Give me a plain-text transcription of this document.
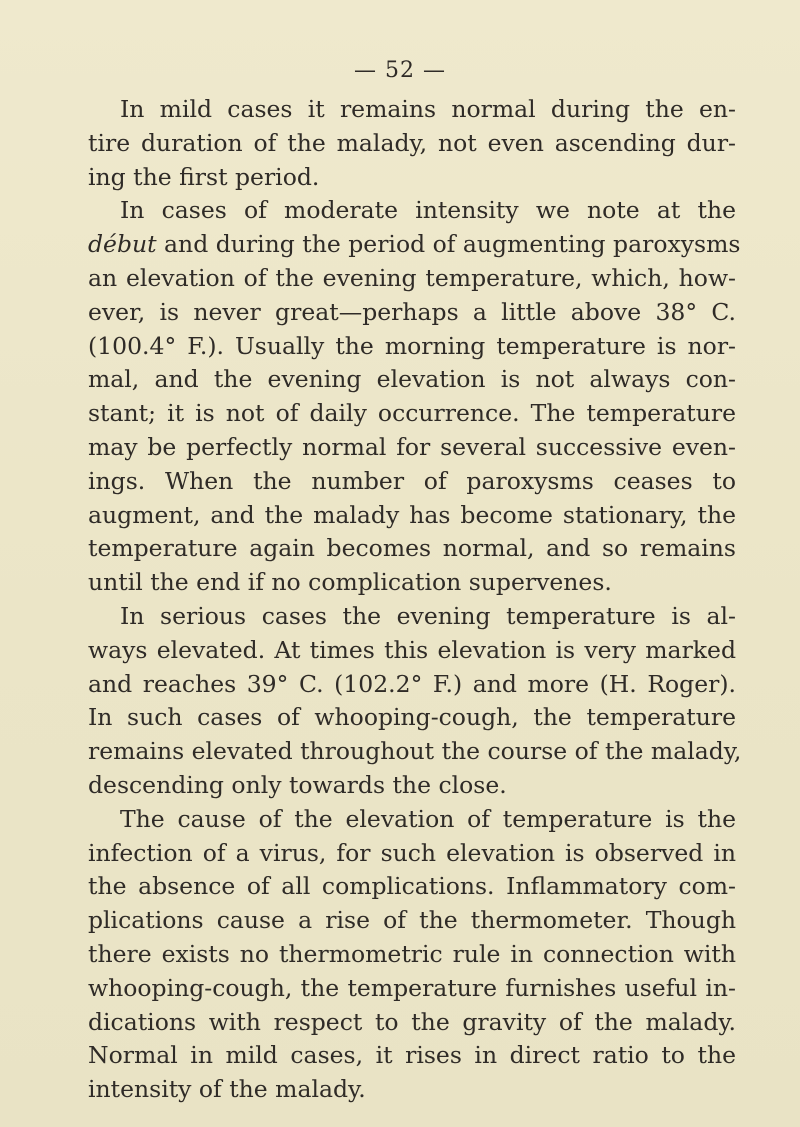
— 52 —
In mild cases it remains normal during the en-
tire duration of the malady, not even ascending dur-
ing the first period.
In cases of moderate intensity we note at the
début and during the period of augmenting paroxysms
an elevation of the evening temperature, which, how-
ever, is never great—perhaps a little above 38° C.
(100.4° F.). Usually the morning temperature is nor-
mal, and the evening elevation is not always con-
stant; it is not of daily occurrence. The temperature
may be perfectly normal for several successive even-
ings. When the number of paroxysms ceases to
augment, and the malady has become stationary, the
temperature again becomes normal, and so remains
until the end if no complication supervenes.
In serious cases the evening temperature is al-
ways elevated. At times this elevation is very marked
and reaches 39° C. (102.2° F.) and more (H. Roger).
In such cases of whooping-cough, the temperature
remains elevated throughout the course of the malady,
descending only towards the close.
The cause of the elevation of temperature is the
infection of a virus, for such elevation is observed in
the absence of all complications. Inflammatory com-
plications cause a rise of the thermometer. Though
there exists no thermometric rule in connection with
whooping-cough, the temperature furnishes useful in-
dications with respect to the gravity of the malady.
Normal in mild cases, it rises in direct ratio to the
intensity of the malady.
